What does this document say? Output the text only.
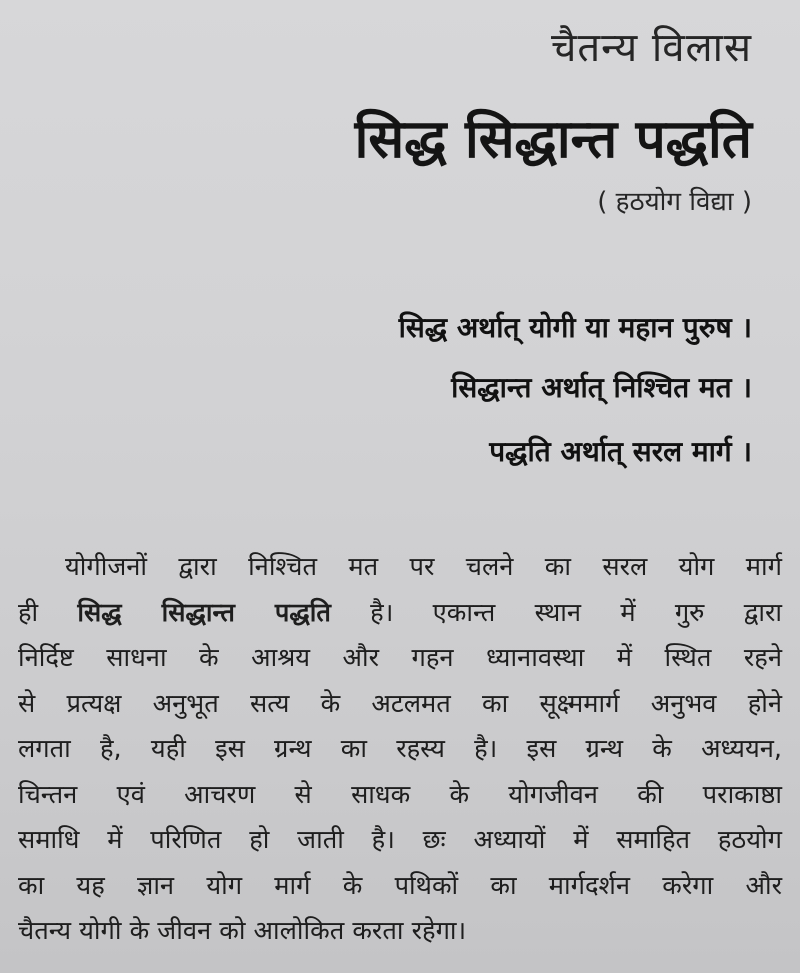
चैतन्य विलास
सिद्ध सिद्धान्त पद्धति
( हठयोग विद्या )
सिद्ध अर्थात् योगी या महान पुरुष ।
सिद्धान्त अर्थात् निश्चित मत ।
पद्धति अर्थात् सरल मार्ग ।
योगीजनों द्वारा निश्चित मत पर चलने का सरल योग मार्ग
ही सिद्ध सिद्धान्त पद्धति है। एकान्त स्थान में गुरु द्वारा
निर्दिष्ट साधना के आश्रय और गहन ध्यानावस्था में स्थित रहने
से प्रत्यक्ष अनुभूत सत्य के अटलमत का सूक्ष्ममार्ग अनुभव होने
लगता है, यही इस ग्रन्थ का रहस्य है। इस ग्रन्थ के अध्ययन,
चिन्तन एवं आचरण से साधक के योगजीवन की पराकाष्ठा
समाधि में परिणित हो जाती है। छः अध्यायों में समाहित हठयोग
का यह ज्ञान योग मार्ग के पथिकों का मार्गदर्शन करेगा और
चैतन्य योगी के जीवन को आलोकित करता रहेगा।
